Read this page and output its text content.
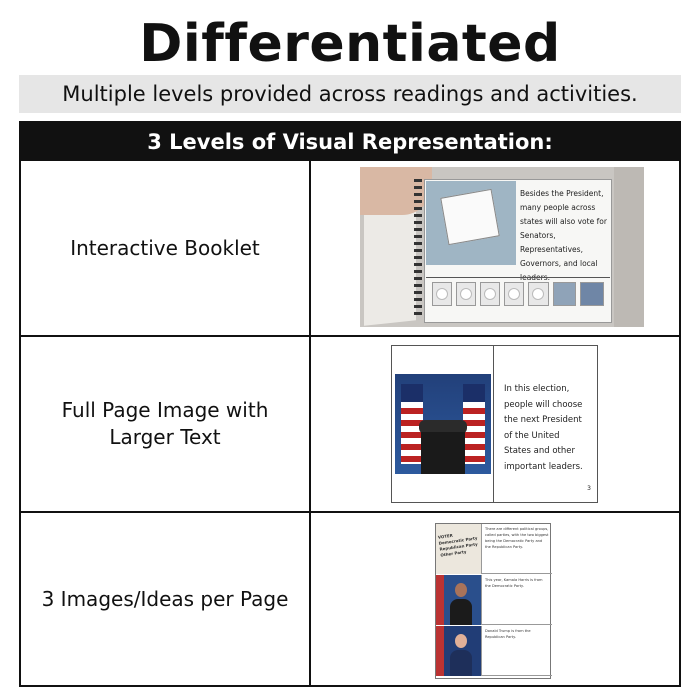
Differentiated
Multiple levels provided across readings and activities.
3 Levels of Visual Representation:
Interactive Booklet
Besides the President, many people across states will also vote for Senators, Representatives, Governors, and local leaders.
Full Page Image with Larger Text
In this election, people will choose the next President of the United States and other important leaders.
3
3 Images/Ideas per Page
VOTER
Democratic Party
Republican Party
Other Party
There are different political groups, called parties, with the two biggest being the Democratic Party and the Republican Party.
This year, Kamala Harris is from the Democratic Party.
Donald Trump is from the Republican Party.
